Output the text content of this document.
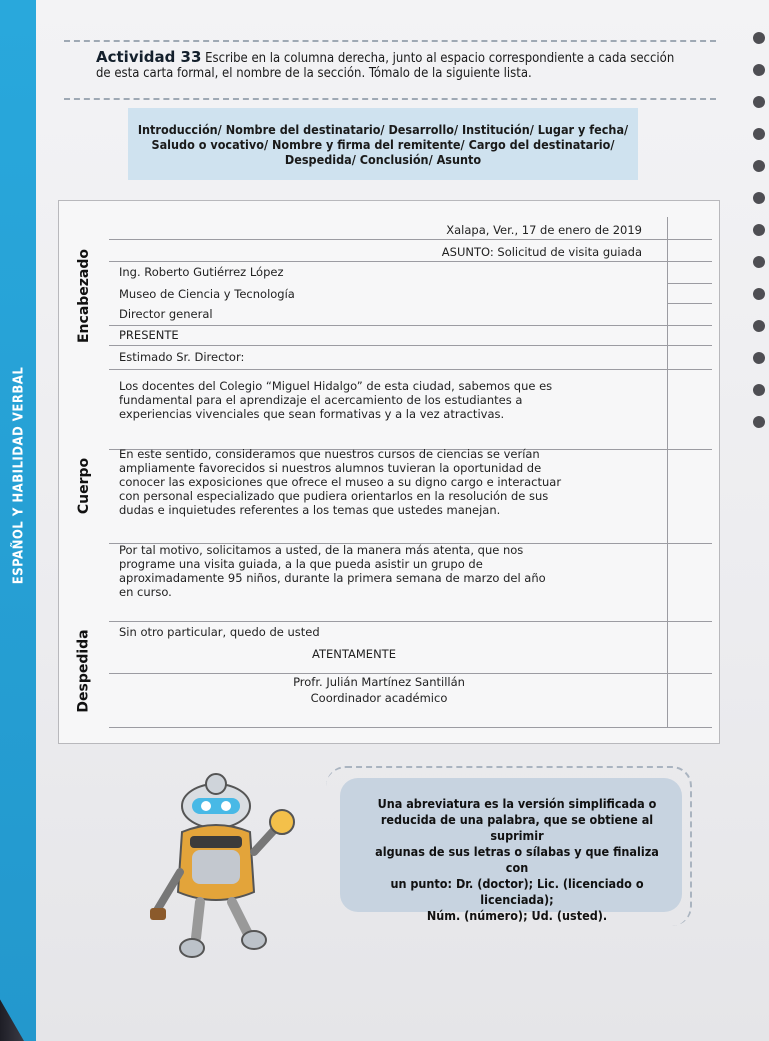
ESPAÑOL Y HABILIDAD VERBAL

Actividad 33 Escribe en la columna derecha, junto al espacio correspondiente a cada sección
de esta carta formal, el nombre de la sección. Tómalo de la siguiente lista.

Introducción/ Nombre del destinatario/ Desarrollo/ Institución/ Lugar y fecha/
Saludo o vocativo/ Nombre y firma del remitente/ Cargo del destinatario/
Despedida/ Conclusión/ Asunto
Encabezado
Cuerpo
Despedida
Xalapa, Ver., 17 de enero de 2019
ASUNTO: Solicitud de visita guiada
Ing. Roberto Gutiérrez López
Museo de Ciencia y Tecnología
Director general
PRESENTE
Estimado Sr. Director:
Los docentes del Colegio “Miguel Hidalgo” de esta ciudad, sabemos que es
fundamental para el aprendizaje el acercamiento de los estudiantes a
experiencias vivenciales que sean formativas y a la vez atractivas.
En este sentido, consideramos que nuestros cursos de ciencias se verían
ampliamente favorecidos si nuestros alumnos tuvieran la oportunidad de
conocer las exposiciones que ofrece el museo a su digno cargo e interactuar
con personal especializado que pudiera orientarlos en la resolución de sus
dudas e inquietudes referentes a los temas que ustedes manejan.
Por tal motivo, solicitamos a usted, de la manera más atenta, que nos
programe una visita guiada, a la que pueda asistir un grupo de
aproximadamente 95 niños, durante la primera semana de marzo del año
en curso.
Sin otro particular, quedo de usted
ATENTAMENTE
Profr. Julián Martínez Santillán
Coordinador académico

Una abreviatura es la versión simplificada o
reducida de una palabra, que se obtiene al suprimir
algunas de sus letras o sílabas y que finaliza con
un punto: Dr. (doctor); Lic. (licenciado o licenciada);
Núm. (número); Ud. (usted).
